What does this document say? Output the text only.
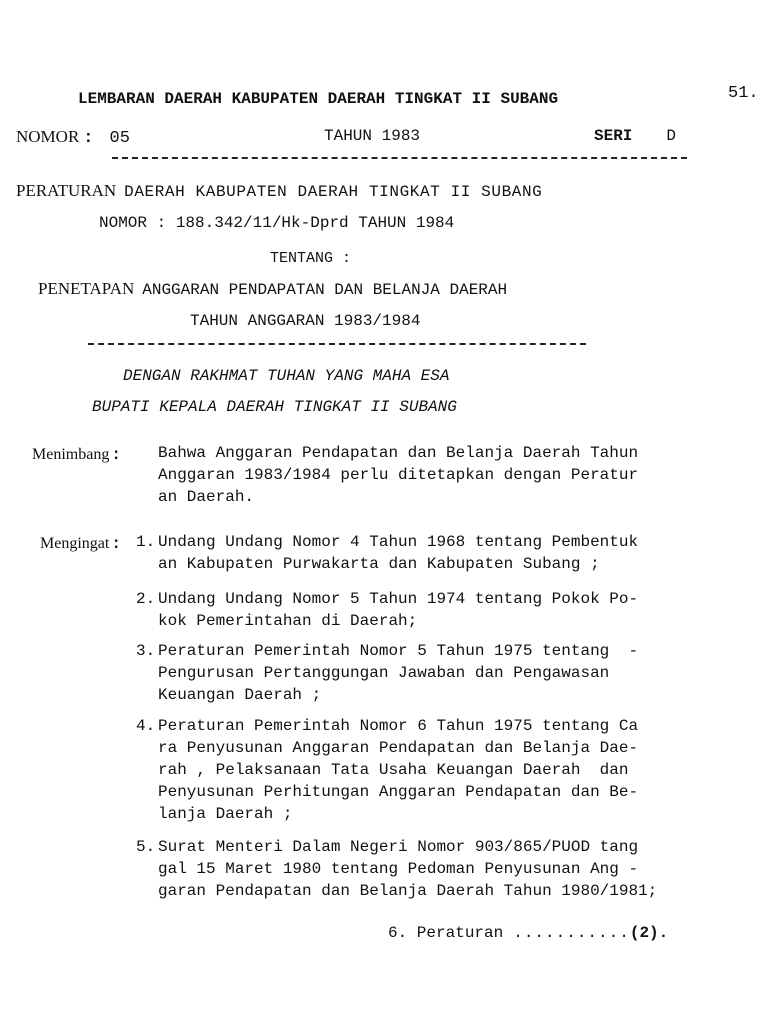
51.
LEMBARAN DAERAH KABUPATEN DAERAH TINGKAT II SUBANG
NOMOR : 05	TAHUN 1983	SERI D
PERATURAN DAERAH KABUPATEN DAERAH TINGKAT II SUBANG
NOMOR : 188.342/11/Hk-Dprd TAHUN 1984
TENTANG :
PENETAPAN ANGGARAN PENDAPATAN DAN BELANJA DAERAH
TAHUN ANGGARAN 1983/1984
DENGAN RAKHMAT TUHAN YANG MAHA ESA
BUPATI KEPALA DAERAH TINGKAT II SUBANG
Menimbang : Bahwa Anggaran Pendapatan dan Belanja Daerah Tahun
Anggaran 1983/1984 perlu ditetapkan dengan Peratur
an Daerah.
Mengingat : 1. Undang Undang Nomor 4 Tahun 1968 tentang Pembentuk
an Kabupaten Purwakarta dan Kabupaten Subang ;
2. Undang Undang Nomor 5 Tahun 1974 tentang Pokok Po-
kok Pemerintahan di Daerah;
3. Peraturan Pemerintah Nomor 5 Tahun 1975 tentang  -
Pengurusan Pertanggungan Jawaban dan Pengawasan
Keuangan Daerah ;
4. Peraturan Pemerintah Nomor 6 Tahun 1975 tentang Ca
ra Penyusunan Anggaran Pendapatan dan Belanja Dae-
rah , Pelaksanaan Tata Usaha Keuangan Daerah  dan
Penyusunan Perhitungan Anggaran Pendapatan dan Be-
lanja Daerah ;
5. Surat Menteri Dalam Negeri Nomor 903/865/PUOD tang
gal 15 Maret 1980 tentang Pedoman Penyusunan Ang -
garan Pendapatan dan Belanja Daerah Tahun 1980/1981;
6. Peraturan ...........(2).
